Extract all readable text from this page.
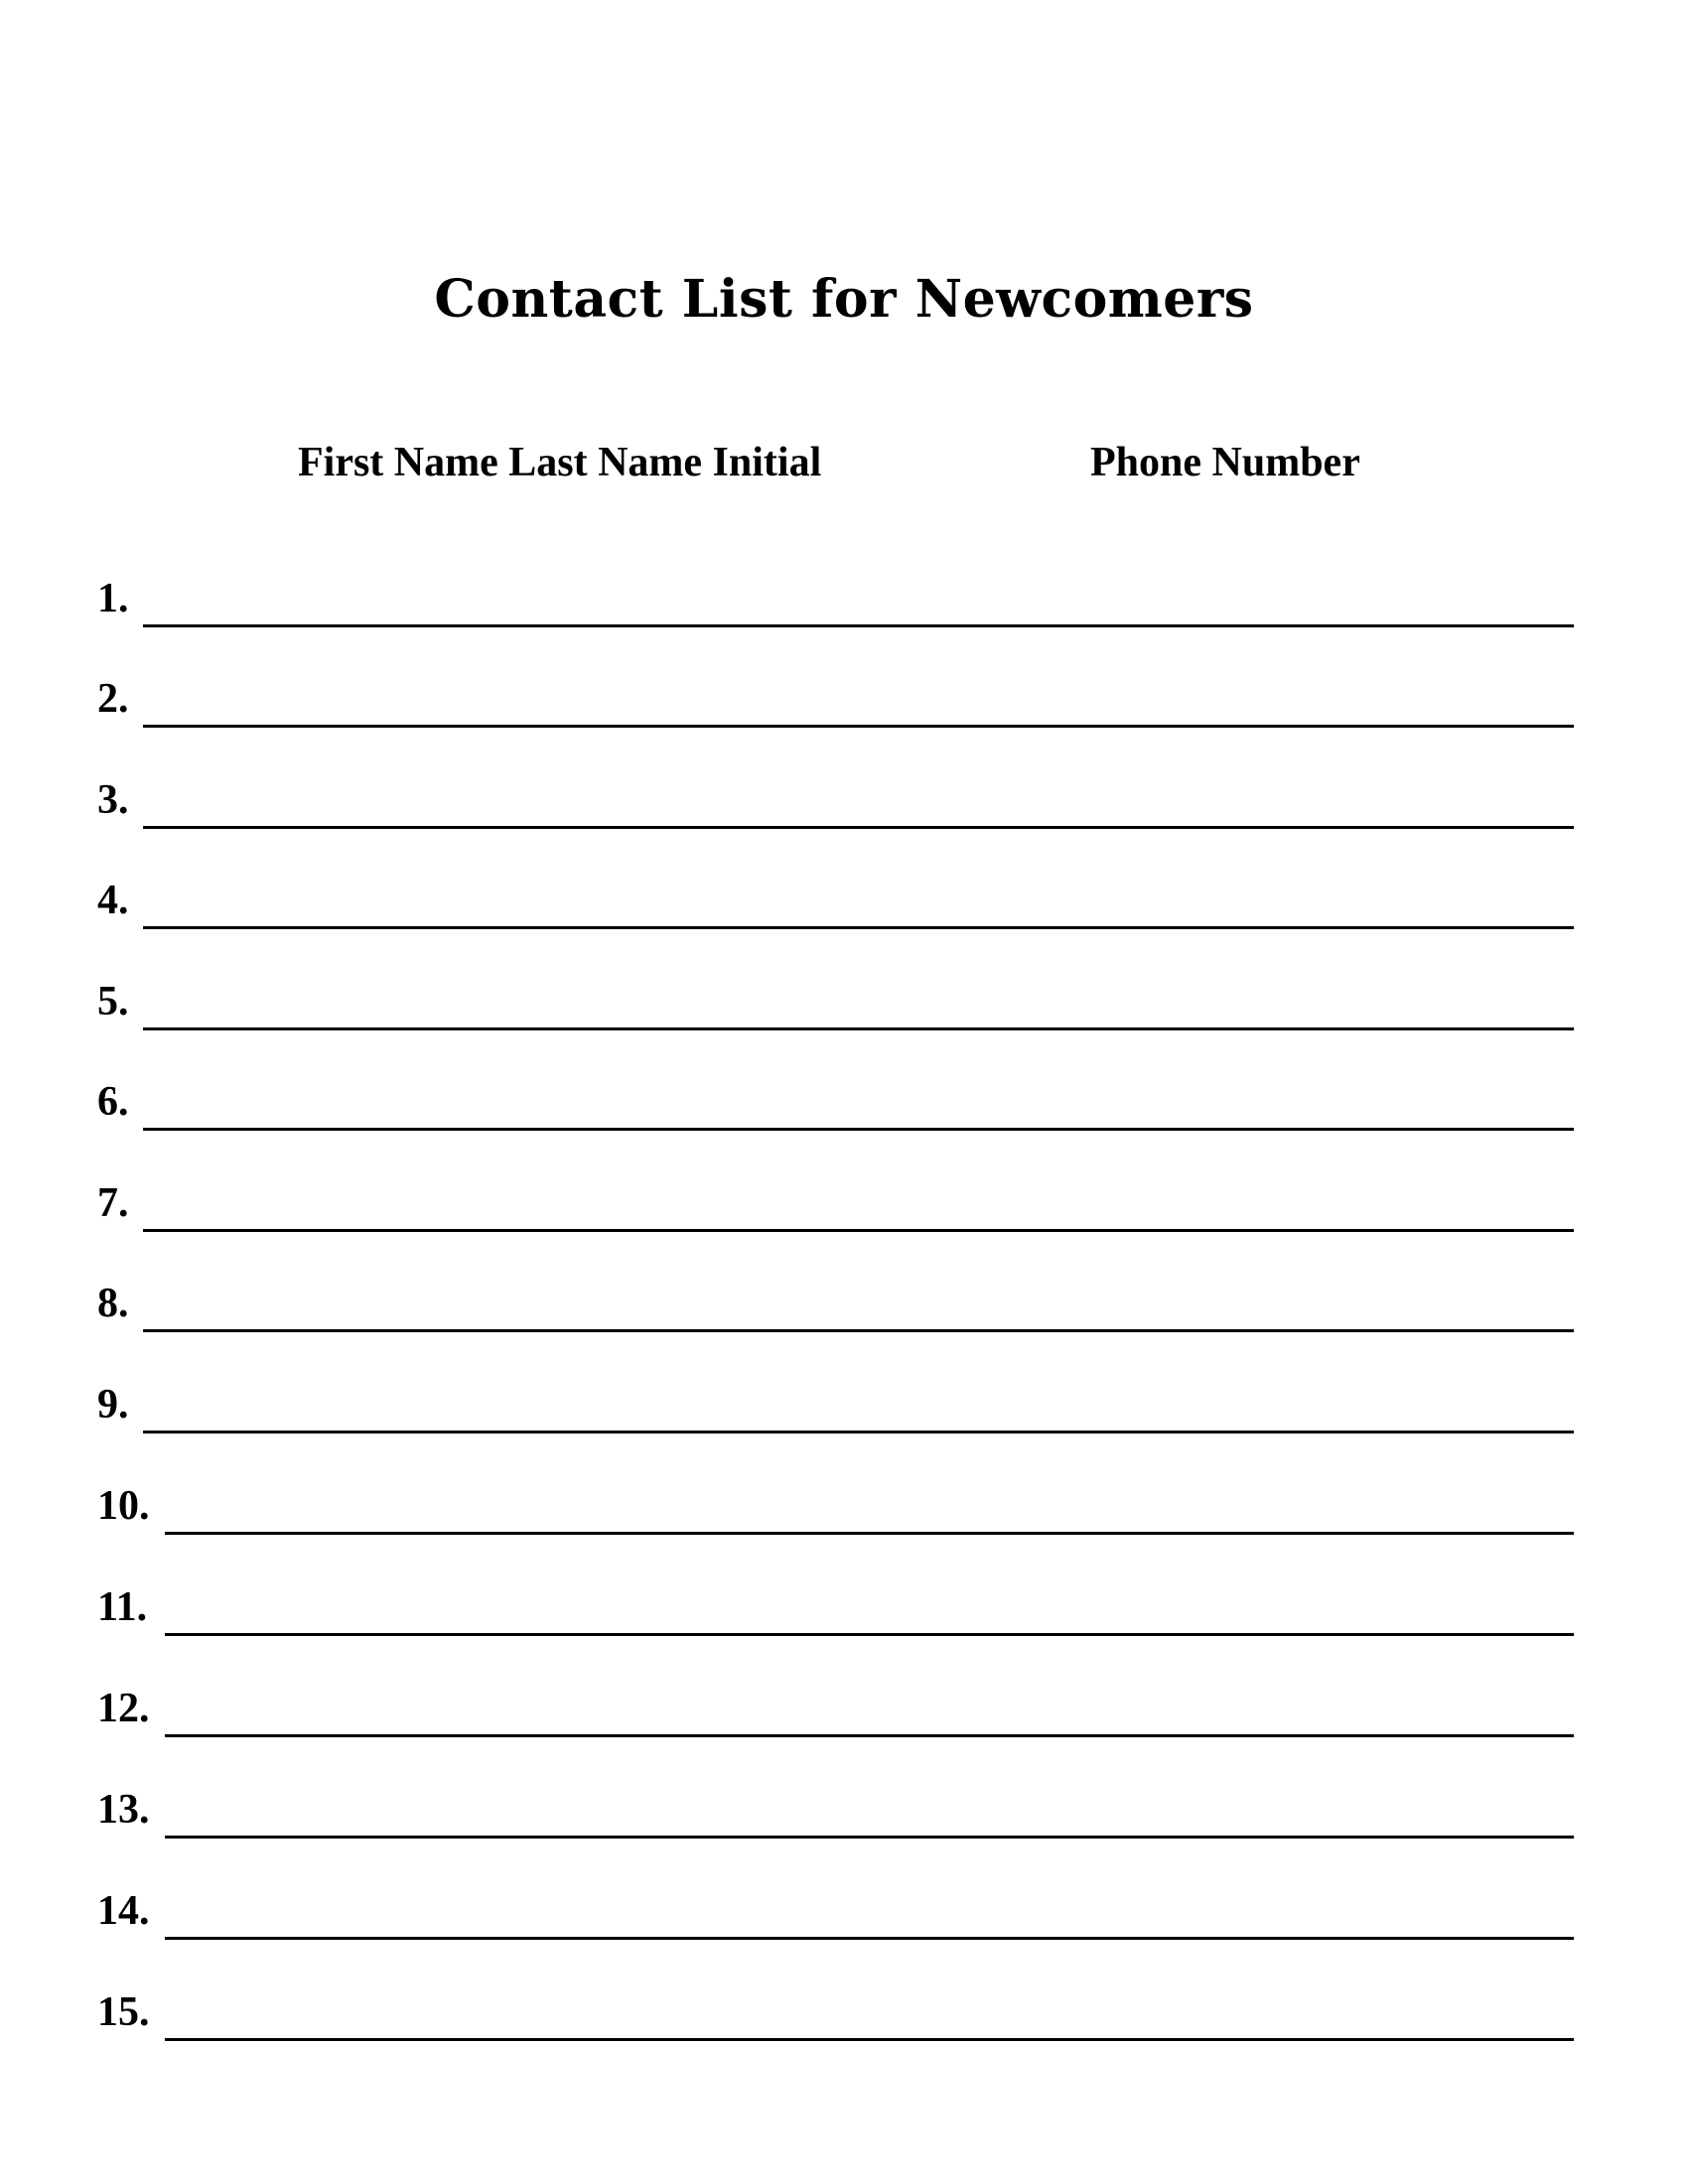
Contact List for Newcomers
First Name Last Name Initial	Phone Number
1.
2.
3.
4.
5.
6.
7.
8.
9.
10.
11.
12.
13.
14.
15.
